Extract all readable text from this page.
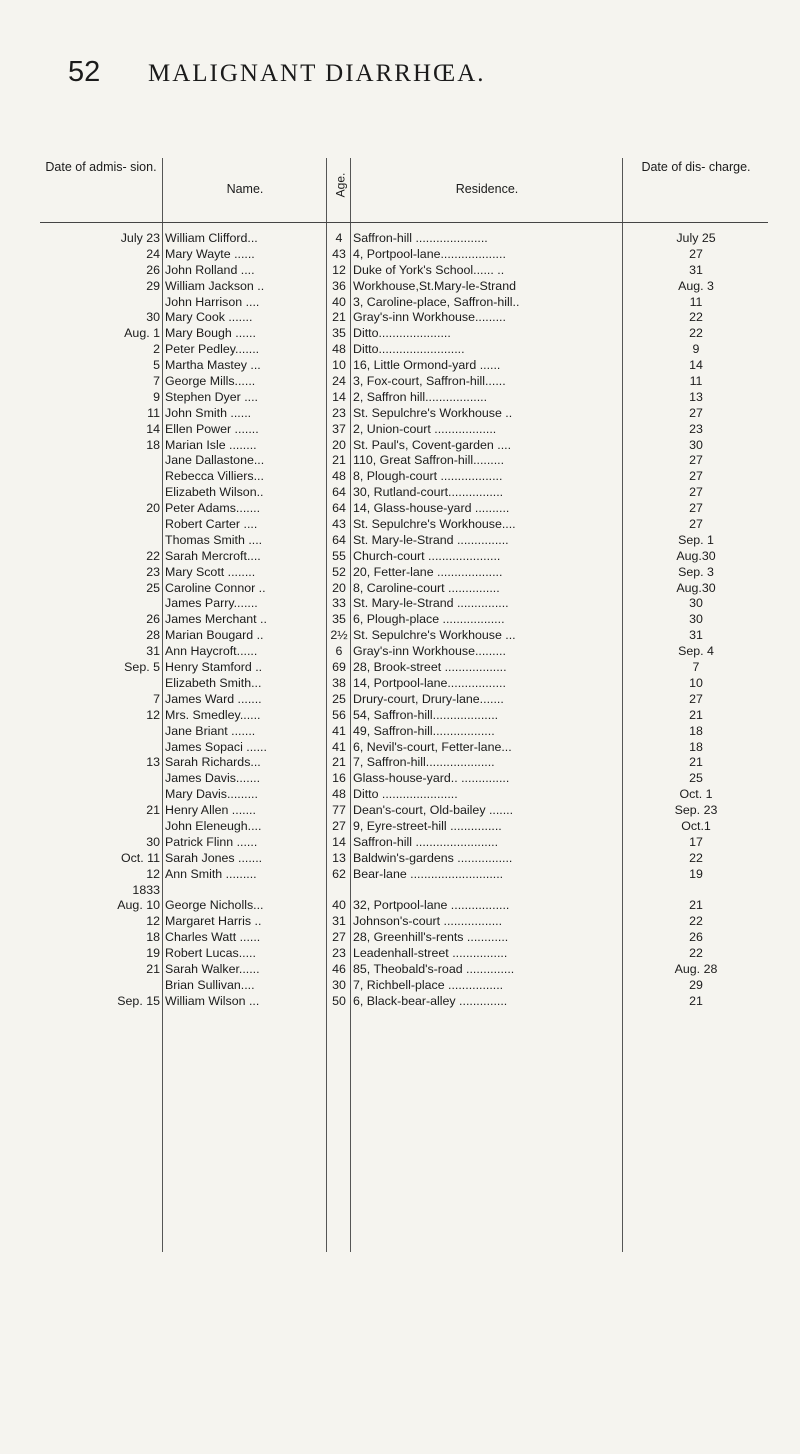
52 MALIGNANT DIARRHŒA.
Date of admis- sion.
Name.	Age.	Residence.
Date of dis- charge.
July 23 William Clifford...	4 Saffron-hill .....................	July 25
24 Mary Wayte ......	43 4, Portpool-lane...................	27
26 John Rolland ....	12 Duke of York's School...... ..	31
29 William Jackson ..	36 Workhouse,St.Mary-le-Strand	Aug. 3
John Harrison ....	40 3, Caroline-place, Saffron-hill..	11
30 Mary Cook .......	21 Gray's-inn Workhouse.........	22
Aug. 1 Mary Bough ......	35 Ditto.....................	22
2 Peter Pedley.......	48 Ditto.........................	9
5 Martha Mastey ...	10 16, Little Ormond-yard ......	14
7 George Mills......	24 3, Fox-court, Saffron-hill......	11
9 Stephen Dyer ....	14 2, Saffron hill..................	13
11 John Smith ......	23 St. Sepulchre's Workhouse ..	27
14 Ellen Power .......	37 2, Union-court ..................	23
18 Marian Isle ........	20 St. Paul's, Covent-garden ....	30
Jane Dallastone...	21 110, Great Saffron-hill.........	27
Rebecca Villiers...	48 8, Plough-court ..................	27
Elizabeth Wilson..	64 30, Rutland-court................	27
20 Peter Adams.......	64 14, Glass-house-yard ..........	27
Robert Carter ....	43 St. Sepulchre's Workhouse....	27
Thomas Smith ....	64 St. Mary-le-Strand ...............	Sep. 1
22 Sarah Mercroft....	55 Church-court .....................	Aug.30
23 Mary Scott ........	52 20, Fetter-lane ...................	Sep. 3
25 Caroline Connor ..	20 8, Caroline-court ...............	Aug.30
James Parry.......	33 St. Mary-le-Strand ...............	30
26 James Merchant ..	35 6, Plough-place ..................	30
28 Marian Bougard ..	2½ St. Sepulchre's Workhouse ...	31
31 Ann Haycroft......	6 Gray's-inn Workhouse.........	Sep. 4
Sep. 5 Henry Stamford ..	69 28, Brook-street ..................	7
Elizabeth Smith...	38 14, Portpool-lane.................	10
7 James Ward .......	25 Drury-court, Drury-lane.......	27
12 Mrs. Smedley......	56 54, Saffron-hill...................	21
Jane Briant .......	41 49, Saffron-hill..................	18
James Sopaci ......	41 6, Nevil's-court, Fetter-lane...	18
13 Sarah Richards...	21 7, Saffron-hill....................	21
James Davis.......	16 Glass-house-yard.. ..............	25
Mary Davis.........	48 Ditto ......................	Oct. 1
21 Henry Allen .......	77 Dean's-court, Old-bailey .......	Sep. 23
John Eleneugh....	27 9, Eyre-street-hill ...............	Oct.1
30 Patrick Flinn ......	14 Saffron-hill ........................	17
Oct. 11 Sarah Jones .......	13 Baldwin's-gardens ................	22
12 Ann Smith .........	62 Bear-lane ...........................	19
1833
Aug. 10 George Nicholls...	40 32, Portpool-lane .................	21
12 Margaret Harris ..	31 Johnson's-court .................	22
18 Charles Watt ......	27 28, Greenhill's-rents ............	26
19 Robert Lucas.....	23 Leadenhall-street ................	22
21 Sarah Walker......	46 85, Theobald's-road ..............	Aug. 28
Brian Sullivan....	30 7, Richbell-place ................	29
Sep. 15 William Wilson ...	50 6, Black-bear-alley ..............	21
